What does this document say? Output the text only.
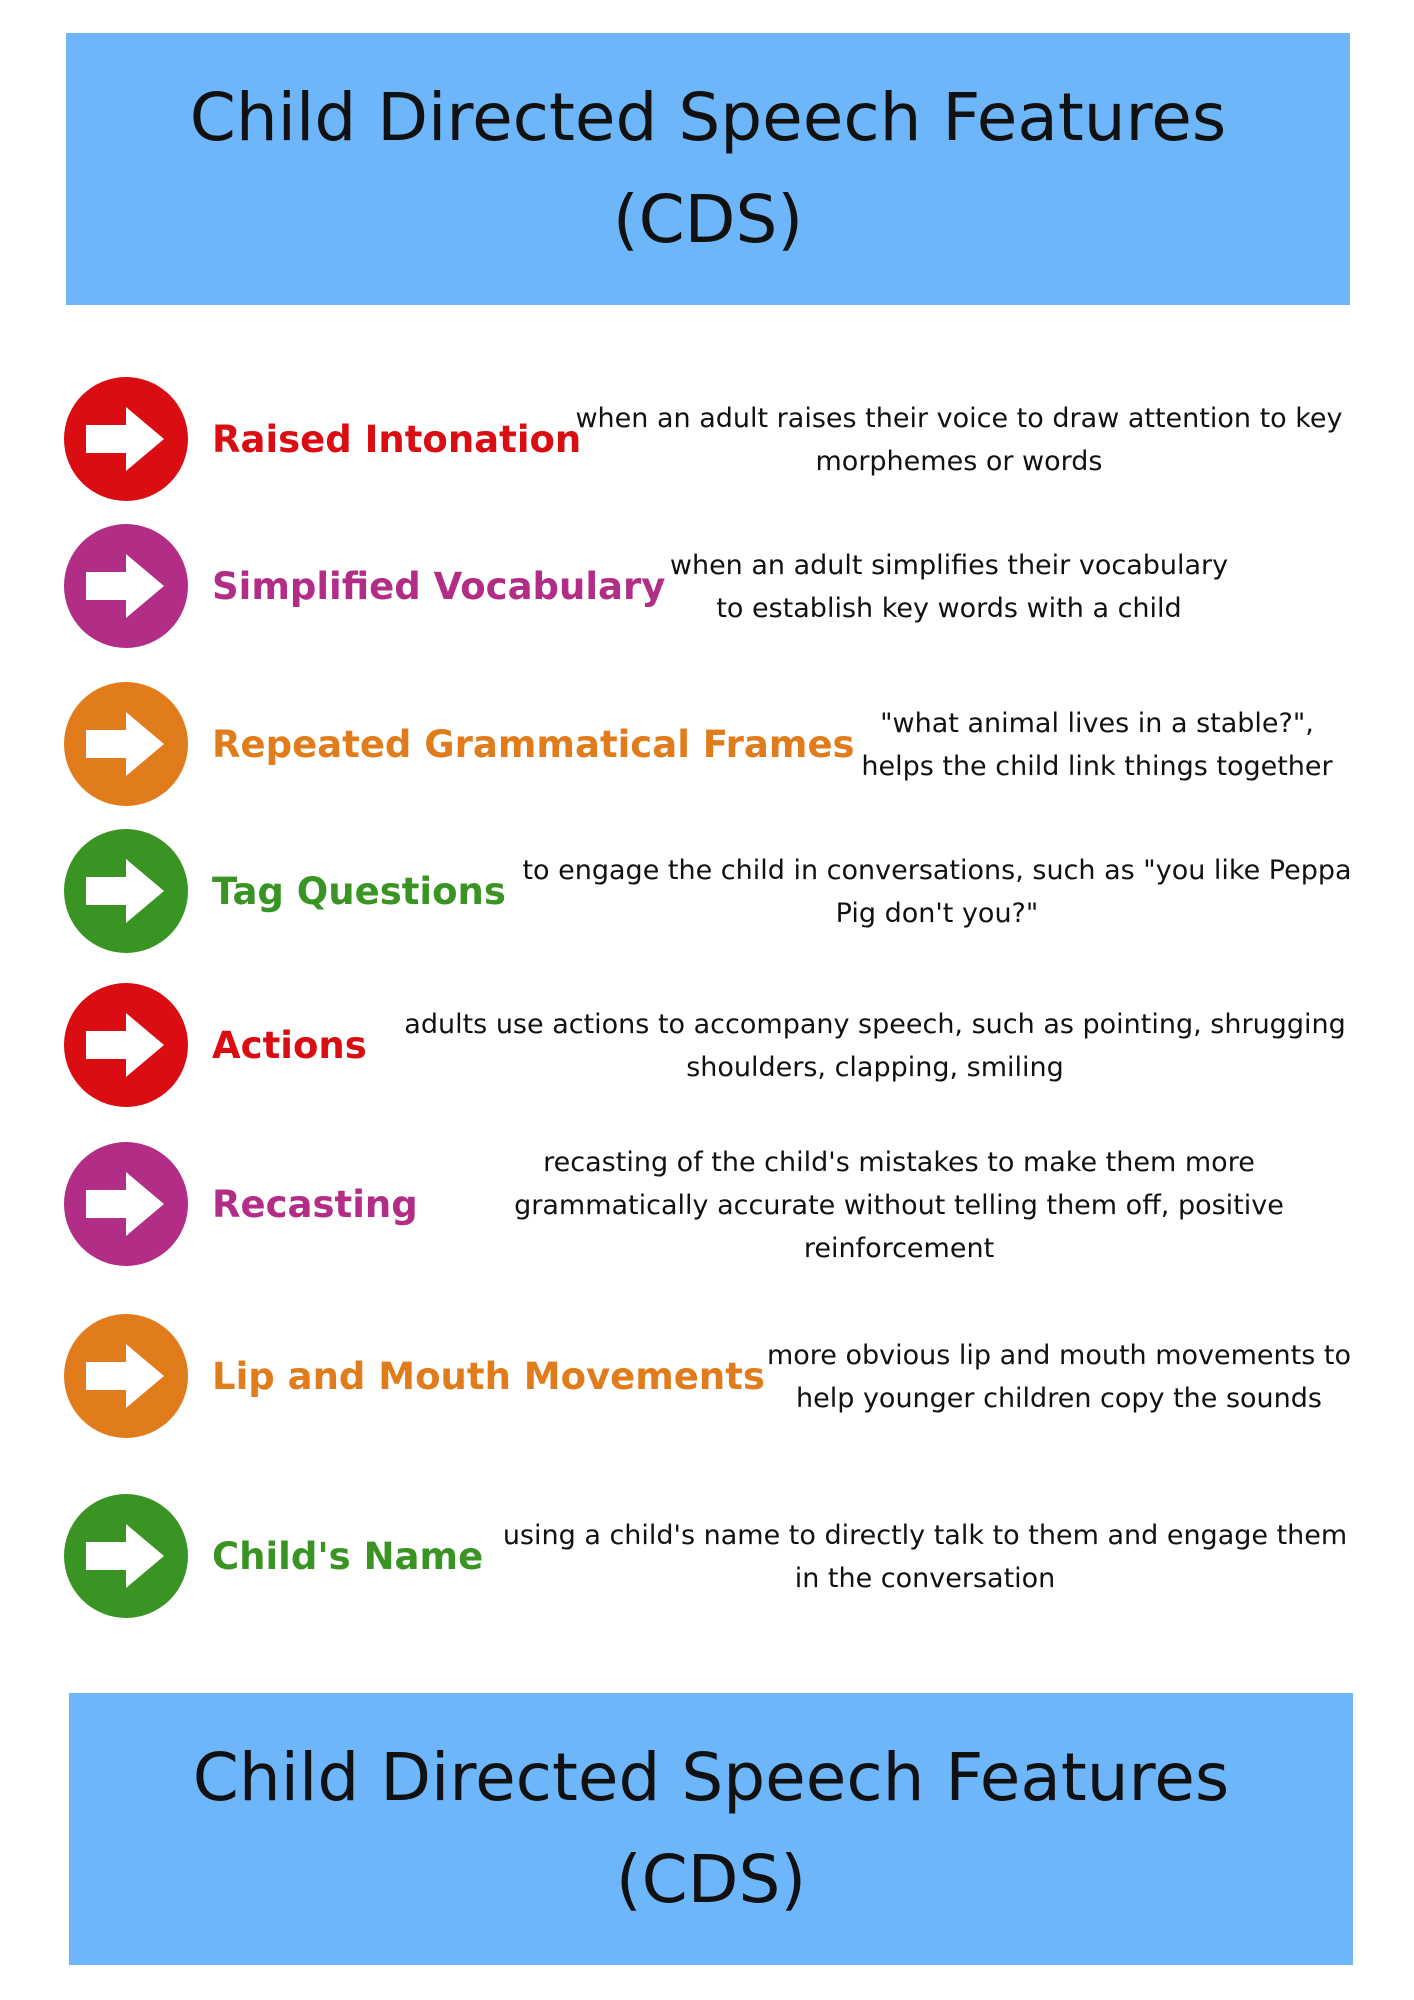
Child Directed Speech Features
(CDS)
Raised Intonation
when an adult raises their voice to draw attention to key morphemes or words
Simplified Vocabulary when an adult simplifies their vocabulary to establish key words with a child
Repeated Grammatical Frames "what animal lives in a stable?", helps the child link things together
Tag Questions to engage the child in conversations, such as "you like Peppa Pig don't you?"
Actions adults use actions to accompany speech, such as pointing, shrugging shoulders, clapping, smiling
Recasting
recasting of the child's mistakes to make them more grammatically accurate without telling them off, positive reinforcement
Lip and Mouth Movements more obvious lip and mouth movements to help younger children copy the sounds
Child's Name using a child's name to directly talk to them and engage them in the conversation
Child Directed Speech Features
(CDS)
